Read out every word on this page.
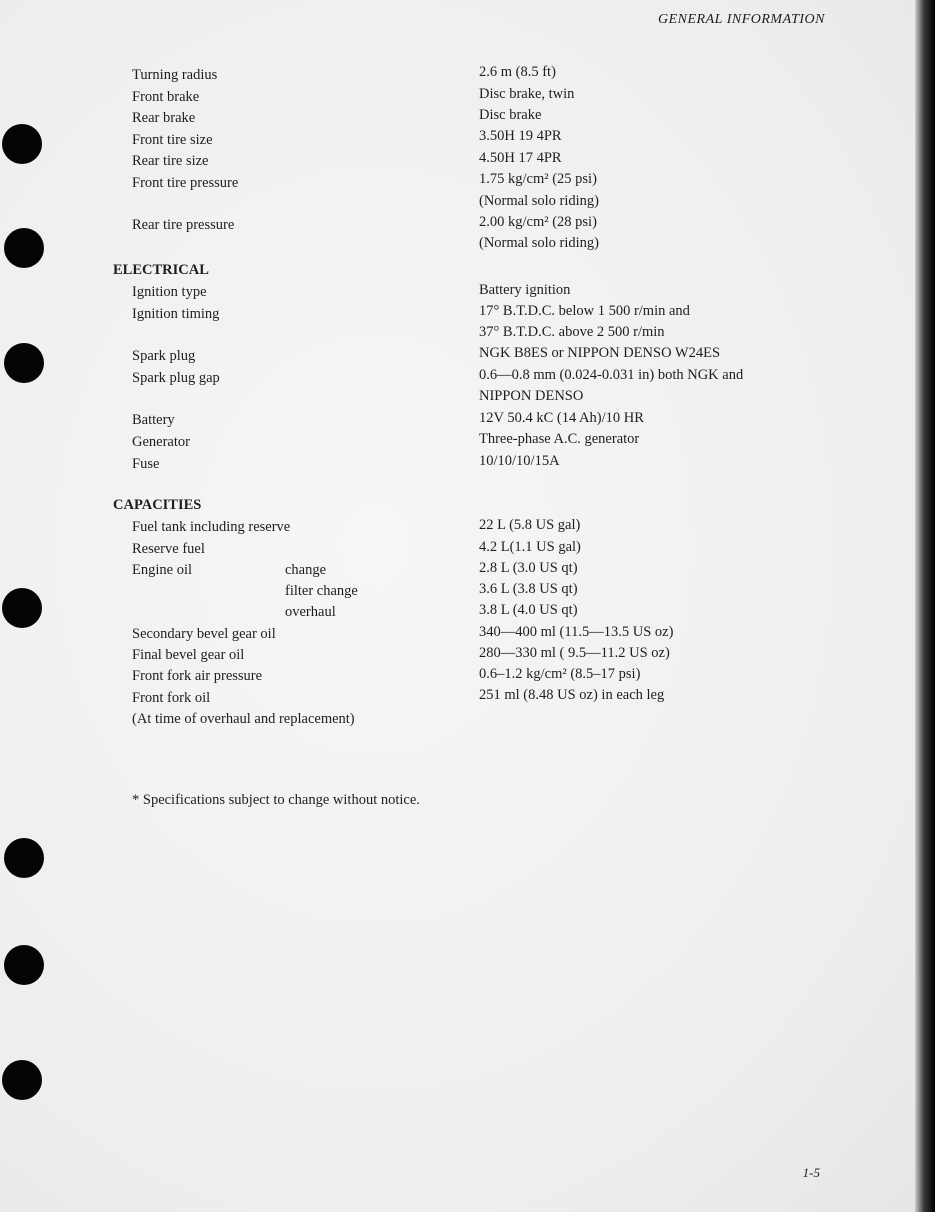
GENERAL INFORMATION
Turning radius	2.6 m (8.5 ft)
Front brake	Disc brake, twin
Rear brake	Disc brake
Front tire size	3.50H 19 4PR
Rear tire size	4.50H 17 4PR
Front tire pressure	1.75 kg/cm² (25 psi)
(Normal solo riding)
Rear tire pressure	2.00 kg/cm² (28 psi)
(Normal solo riding)
ELECTRICAL
Ignition type	Battery ignition
Ignition timing	17° B.T.D.C. below 1 500 r/min and
37° B.T.D.C. above 2 500 r/min
Spark plug	NGK B8ES or NIPPON DENSO W24ES
Spark plug gap	0.6—0.8 mm (0.024-0.031 in) both NGK and
NIPPON DENSO
Battery	12V 50.4 kC (14 Ah)/10 HR
Generator	Three-phase A.C. generator
Fuse	10/10/10/15A
CAPACITIES
Fuel tank including reserve	22 L (5.8 US gal)
Reserve fuel	4.2 L(1.1 US gal)
Engine oil	change	2.8 L (3.0 US qt)
filter change	3.6 L (3.8 US qt)
overhaul	3.8 L (4.0 US qt)
Secondary bevel gear oil	340—400 ml (11.5—13.5 US oz)
Final bevel gear oil	280—330 ml ( 9.5—11.2 US oz)
Front fork air pressure	0.6–1.2 kg/cm² (8.5–17 psi)
Front fork oil	251 ml (8.48 US oz) in each leg
(At time of overhaul and replacement)
* Specifications subject to change without notice.
1-5
